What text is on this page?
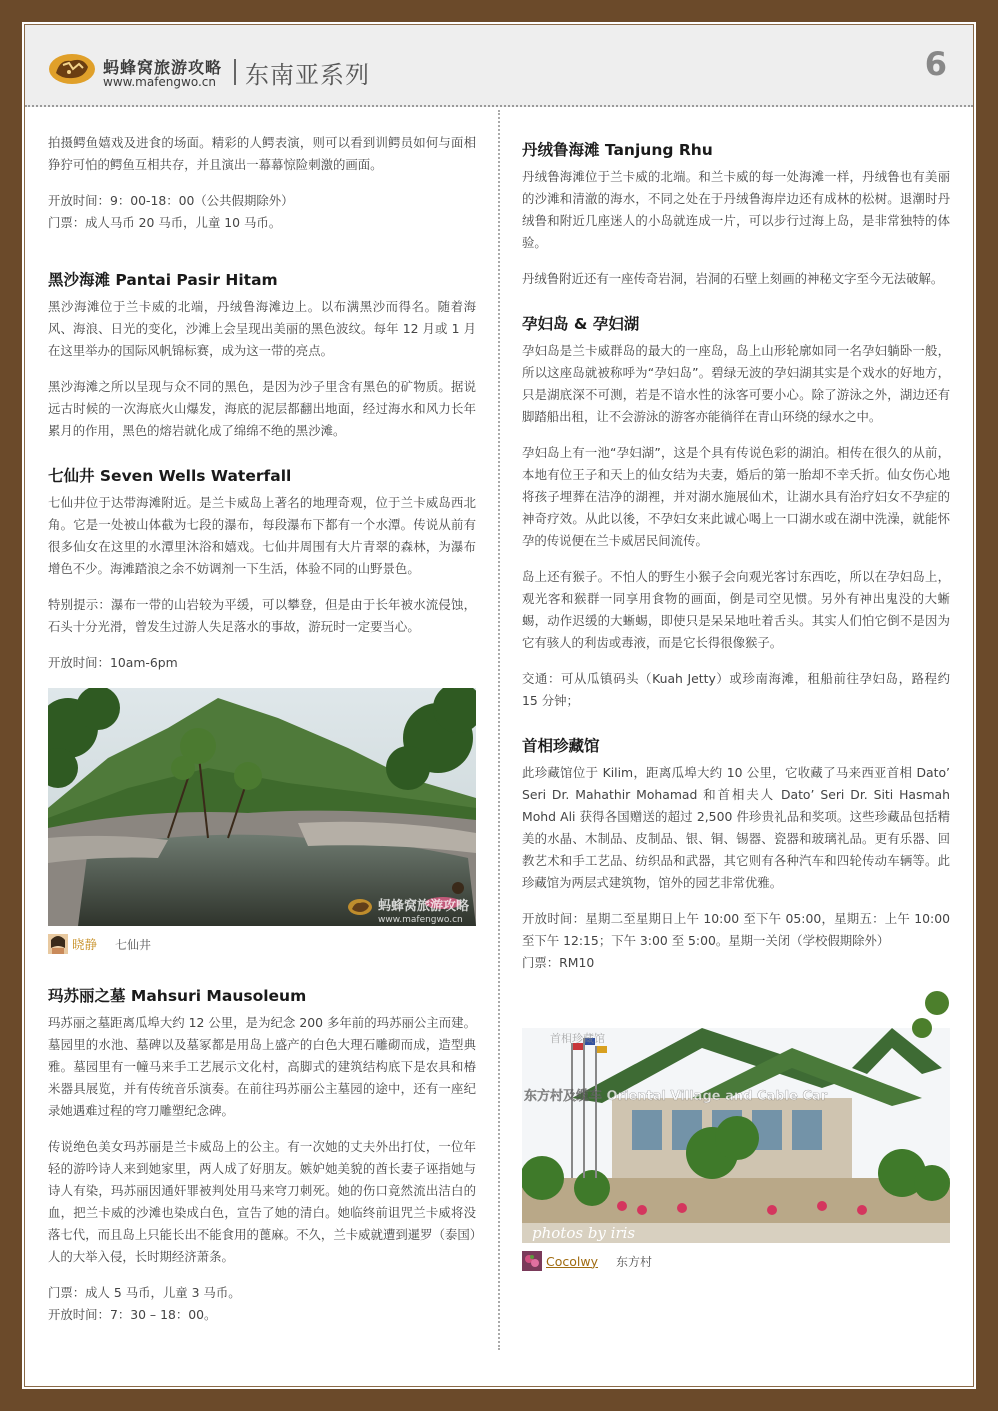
蚂蜂窝旅游攻略
www.mafengwo.cn 东南亚系列	6

拍摄鳄鱼嬉戏及进食的场面。精彩的人鳄表演，则可以看到训鳄员如何与面相狰狞可怕的鳄鱼互相共存，并且演出一幕幕惊险刺激的画面。

开放时间：9：00-18：00（公共假期除外）

门票：成人马币 20 马币，儿童 10 马币。

黑沙海滩 Pantai Pasir Hitam

黑沙海滩位于兰卡威的北端，丹绒鲁海滩边上。以布满黑沙而得名。随着海风、海浪、日光的变化，沙滩上会呈现出美丽的黑色波纹。每年 12 月或 1 月在这里举办的国际风帆锦标赛，成为这一带的亮点。

黑沙海滩之所以呈现与众不同的黑色，是因为沙子里含有黑色的矿物质。据说远古时候的一次海底火山爆发，海底的泥层都翻出地面，经过海水和风力长年累月的作用，黑色的熔岩就化成了绵绵不绝的黑沙滩。

七仙井 Seven Wells Waterfall

七仙井位于达带海滩附近。是兰卡威岛上著名的地理奇观，位于兰卡威岛西北角。它是一处被山体截为七段的瀑布，每段瀑布下都有一个水潭。传说从前有很多仙女在这里的水潭里沐浴和嬉戏。七仙井周围有大片青翠的森林，为瀑布增色不少。海滩踏浪之余不妨调剂一下生活，体验不同的山野景色。

特别提示：瀑布一带的山岩较为平缓，可以攀登，但是由于长年被水流侵蚀，石头十分光滑，曾发生过游人失足落水的事故，游玩时一定要当心。

开放时间：10am-6pm

蚂蜂窝旅游攻略
www.mafengwo.cn
晓静 七仙井
玛苏丽之墓 Mahsuri Mausoleum

玛苏丽之墓距离瓜埠大约 12 公里，是为纪念 200 多年前的玛苏丽公主而建。墓园里的水池、墓碑以及墓冢都是用岛上盛产的白色大理石雕砌而成，造型典雅。墓园里有一幢马来手工艺展示文化村，高脚式的建筑结构底下是农具和椿米器具展览，并有传统音乐演奏。在前往玛苏丽公主墓园的途中，还有一座纪录她遇难过程的穹刀雕塑纪念碑。

传说绝色美女玛苏丽是兰卡威岛上的公主。有一次她的丈夫外出打仗，一位年轻的游吟诗人来到她家里，两人成了好朋友。嫉妒她美貌的酋长妻子诬指她与诗人有染，玛苏丽因通奸罪被判处用马来穹刀刺死。她的伤口竟然流出洁白的血，把兰卡威的沙滩也染成白色，宣告了她的清白。她临终前诅咒兰卡威将没落七代，而且岛上只能长出不能食用的蓖麻。不久，兰卡威就遭到暹罗（泰国）人的大举入侵，长时期经济萧条。

门票：成人 5 马币，儿童 3 马币。

开放时间：7：30 – 18：00。

丹绒鲁海滩 Tanjung Rhu

丹绒鲁海滩位于兰卡威的北端。和兰卡威的每一处海滩一样，丹绒鲁也有美丽的沙滩和清澈的海水，不同之处在于丹绒鲁海岸边还有成林的松树。退潮时丹绒鲁和附近几座迷人的小岛就连成一片，可以步行过海上岛，是非常独特的体验。

丹绒鲁附近还有一座传奇岩洞，岩洞的石壁上刻画的神秘文字至今无法破解。

孕妇岛 & 孕妇湖

孕妇岛是兰卡威群岛的最大的一座岛，岛上山形轮廓如同一名孕妇躺卧一般，所以这座岛就被称呼为“孕妇岛”。碧绿无波的孕妇湖其实是个戏水的好地方，只是湖底深不可测，若是不谙水性的泳客可要小心。除了游泳之外，湖边还有脚踏船出租，让不会游泳的游客亦能徜徉在青山环绕的绿水之中。

孕妇岛上有一池“孕妇湖”，这是个具有传说色彩的湖泊。相传在很久的从前，本地有位王子和天上的仙女结为夫妻，婚后的第一胎却不幸夭折。仙女伤心地将孩子埋葬在洁净的湖裡，并对湖水施展仙术，让湖水具有治疗妇女不孕症的神奇疗效。从此以後，不孕妇女来此诚心喝上一口湖水或在湖中洗澡，就能怀孕的传说便在兰卡威居民间流传。

岛上还有猴子。不怕人的野生小猴子会向观光客讨东西吃，所以在孕妇岛上，观光客和猴群一同享用食物的画面，倒是司空见惯。另外有神出鬼没的大蜥蜴，动作迟缓的大蜥蜴，即使只是呆呆地吐着舌头。其实人们怕它倒不是因为它有骇人的利齿或毒液，而是它长得很像猴子。

交通：可从瓜镇码头（Kuah Jetty）或珍南海滩，租船前往孕妇岛，路程约 15 分钟；

首相珍藏馆

此珍藏馆位于 Kilim，距离瓜埠大约 10 公里，它收藏了马来西亚首相 Dato’ Seri Dr. Mahathir Mohamad 和首相夫人 Dato’ Seri Dr. Siti Hasmah Mohd Ali 获得各国赠送的超过 2,500 件珍贵礼品和奖项。这些珍藏品包括精美的水晶、木制品、皮制品、银、铜、锡器、瓷器和玻璃礼品。更有乐器、回教艺术和手工艺品、纺织品和武器，其它则有各种汽车和四轮传动车辆等。此珍藏馆为两层式建筑物，馆外的园艺非常优雅。

开放时间：星期二至星期日上午 10:00 至下午 05:00，星期五：上午 10:00 至下午 12:15；下午 3:00 至 5:00。星期一关闭（学校假期除外）

门票：RM10

首相珍藏馆
东方村及缆车 Oriental Village and Cable Car
photos by iris
Cocolwy 东方村
